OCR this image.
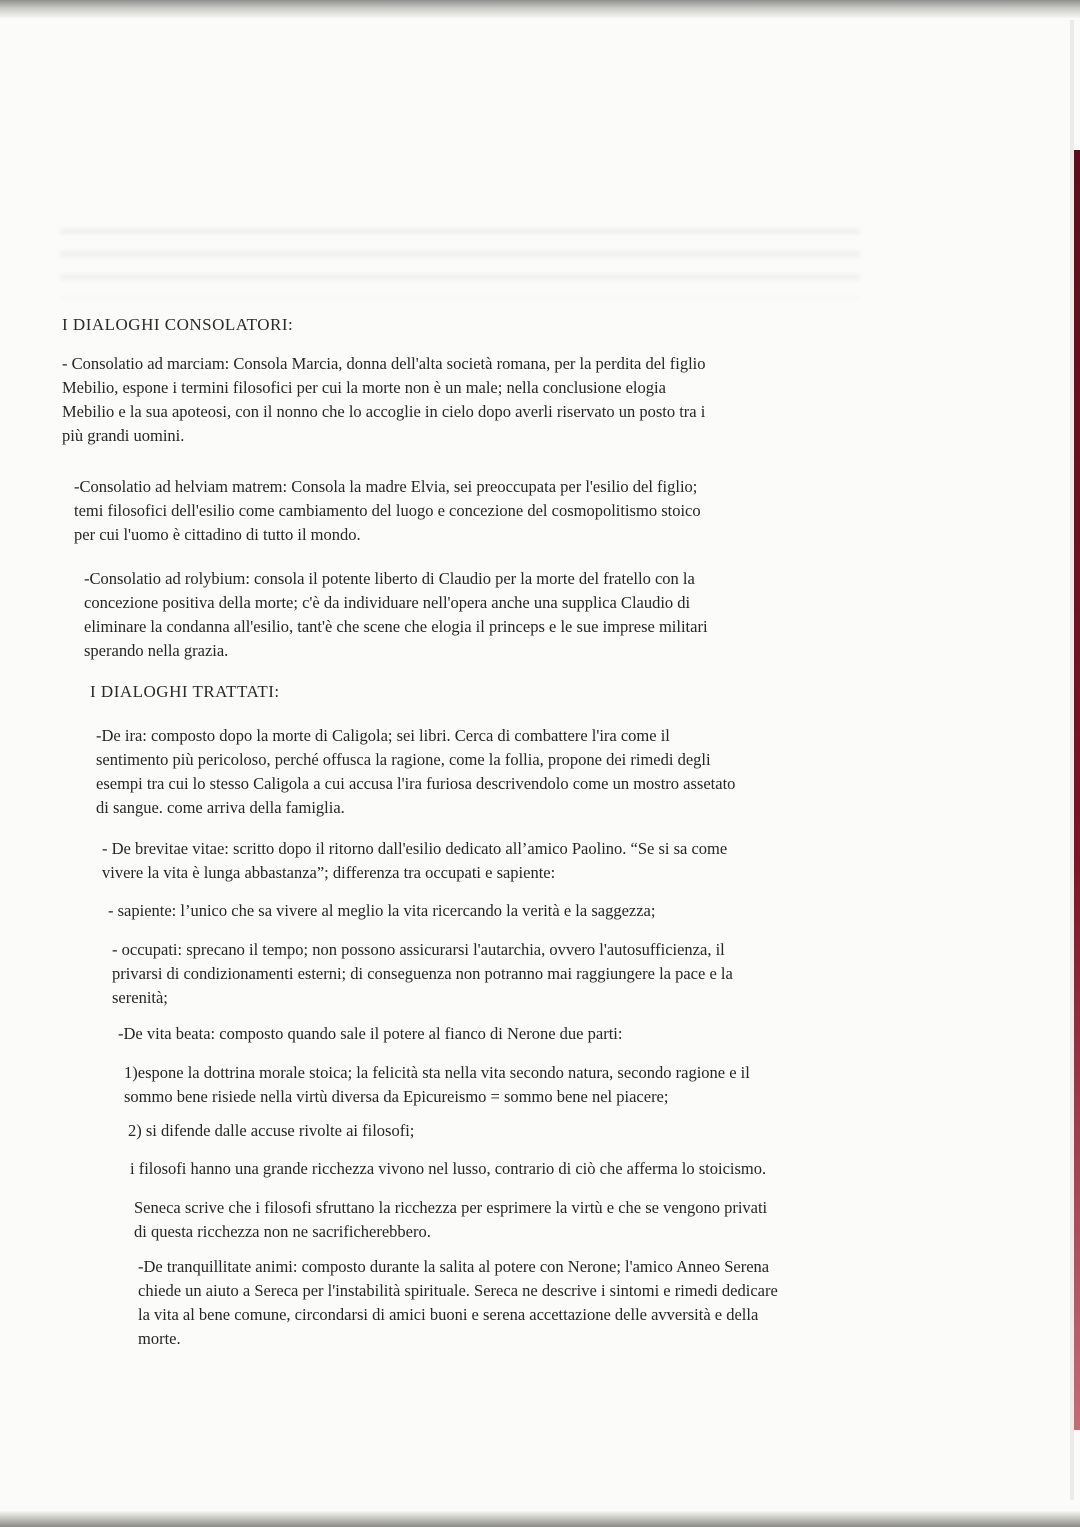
I DIALOGHI CONSOLATORI:
- Consolatio ad marciam: Consola Marcia, donna dell'alta società romana, per la perdita del figlio
Mebilio, espone i termini filosofici per cui la morte non è un male; nella conclusione elogia
Mebilio e la sua apoteosi, con il nonno che lo accoglie in cielo dopo averli riservato un posto tra i
più grandi uomini.
-Consolatio ad helviam matrem: Consola la madre Elvia, sei preoccupata per l'esilio del figlio;
temi filosofici dell'esilio come cambiamento del luogo e concezione del cosmopolitismo stoico
per cui l'uomo è cittadino di tutto il mondo.
-Consolatio ad rolybium: consola il potente liberto di Claudio per la morte del fratello con la
concezione positiva della morte; c'è da individuare nell'opera anche una supplica Claudio di
eliminare la condanna all'esilio, tant'è che scene che elogia il princeps e le sue imprese militari
sperando nella grazia.
I DIALOGHI TRATTATI:
-De ira: composto dopo la morte di Caligola; sei libri. Cerca di combattere l'ira come il
sentimento più pericoloso, perché offusca la ragione, come la follia, propone dei rimedi degli
esempi tra cui lo stesso Caligola a cui accusa l'ira furiosa descrivendolo come un mostro assetato
di sangue. come arriva della famiglia.
- De brevitae vitae: scritto dopo il ritorno dall'esilio dedicato all’amico Paolino. “Se si sa come
vivere la vita è lunga abbastanza”; differenza tra occupati e sapiente:
- sapiente: l’unico che sa vivere al meglio la vita ricercando la verità e la saggezza;
- occupati: sprecano il tempo; non possono assicurarsi l'autarchia, ovvero l'autosufficienza, il
privarsi di condizionamenti esterni; di conseguenza non potranno mai raggiungere la pace e la
serenità;
-De vita beata: composto quando sale il potere al fianco di Nerone due parti:
1)espone la dottrina morale stoica; la felicità sta nella vita secondo natura, secondo ragione e il
sommo bene risiede nella virtù diversa da Epicureismo = sommo bene nel piacere;
2) si difende dalle accuse rivolte ai filosofi;
i filosofi hanno una grande ricchezza vivono nel lusso, contrario di ciò che afferma lo stoicismo.
Seneca scrive che i filosofi sfruttano la ricchezza per esprimere la virtù e che se vengono privati
di questa ricchezza non ne sacrificherebbero.
-De tranquillitate animi: composto durante la salita al potere con Nerone; l'amico Anneo Serena
chiede un aiuto a Sereca per l'instabilità spirituale. Sereca ne descrive i sintomi e rimedi dedicare
la vita al bene comune, circondarsi di amici buoni e serena accettazione delle avversità e della
morte.
